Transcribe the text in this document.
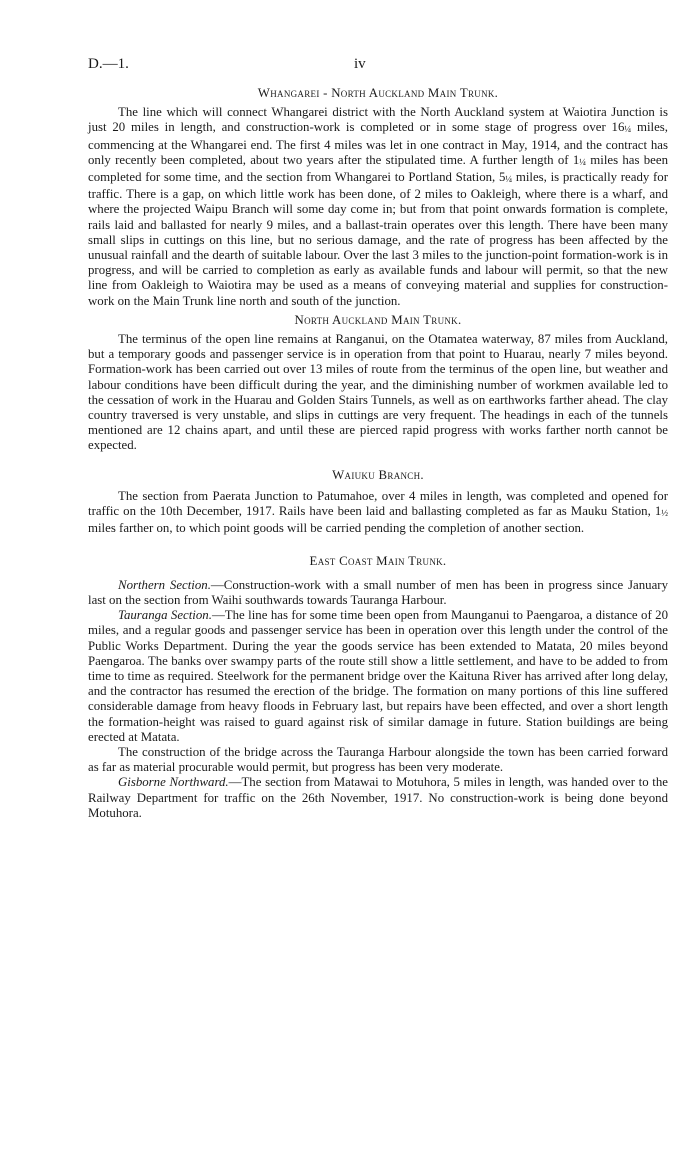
D.—1.	iv
Whangarei - North Auckland Main Trunk.

The line which will connect Whangarei district with the North Auckland system at Waiotira Junction is just 20 miles in length, and construction-work is completed or in some stage of progress over 16¼ miles, commencing at the Whangarei end. The first 4 miles was let in one contract in May, 1914, and the contract has only recently been completed, about two years after the stipulated time. A further length of 1¼ miles has been completed for some time, and the section from Whangarei to Portland Station, 5¼ miles, is practically ready for traffic. There is a gap, on which little work has been done, of 2 miles to Oakleigh, where there is a wharf, and where the projected Waipu Branch will some day come in; but from that point onwards formation is complete, rails laid and ballasted for nearly 9 miles, and a ballast-train operates over this length. There have been many small slips in cuttings on this line, but no serious damage, and the rate of progress has been affected by the unusual rainfall and the dearth of suitable labour. Over the last 3 miles to the junction-point formation-work is in progress, and will be carried to completion as early as available funds and labour will permit, so that the new line from Oakleigh to Waiotira may be used as a means of conveying material and supplies for construction-work on the Main Trunk line north and south of the junction.

North Auckland Main Trunk.

The terminus of the open line remains at Ranganui, on the Otamatea waterway, 87 miles from Auckland, but a temporary goods and passenger service is in operation from that point to Huarau, nearly 7 miles beyond. Formation-work has been carried out over 13 miles of route from the terminus of the open line, but weather and labour conditions have been difficult during the year, and the diminishing number of workmen available led to the cessation of work in the Huarau and Golden Stairs Tunnels, as well as on earthworks farther ahead. The clay country traversed is very unstable, and slips in cuttings are very frequent. The headings in each of the tunnels mentioned are 12 chains apart, and until these are pierced rapid progress with works farther north cannot be expected.

Waiuku Branch.

The section from Paerata Junction to Patumahoe, over 4 miles in length, was completed and opened for traffic on the 10th December, 1917. Rails have been laid and ballasting completed as far as Mauku Station, 1½ miles farther on, to which point goods will be carried pending the completion of another section.

East Coast Main Trunk.

Northern Section.—Construction-work with a small number of men has been in progress since January last on the section from Waihi southwards towards Tauranga Harbour.

Tauranga Section.—The line has for some time been open from Maunganui to Paengaroa, a distance of 20 miles, and a regular goods and passenger service has been in operation over this length under the control of the Public Works Department. During the year the goods service has been extended to Matata, 20 miles beyond Paengaroa. The banks over swampy parts of the route still show a little settlement, and have to be added to from time to time as required. Steelwork for the permanent bridge over the Kaituna River has arrived after long delay, and the contractor has resumed the erection of the bridge. The formation on many portions of this line suffered considerable damage from heavy floods in February last, but repairs have been effected, and over a short length the formation-height was raised to guard against risk of similar damage in future. Station buildings are being erected at Matata.

The construction of the bridge across the Tauranga Harbour alongside the town has been carried forward as far as material procurable would permit, but progress has been very moderate.

Gisborne Northward.—The section from Matawai to Motuhora, 5 miles in length, was handed over to the Railway Department for traffic on the 26th November, 1917. No construction-work is being done beyond Motuhora.
